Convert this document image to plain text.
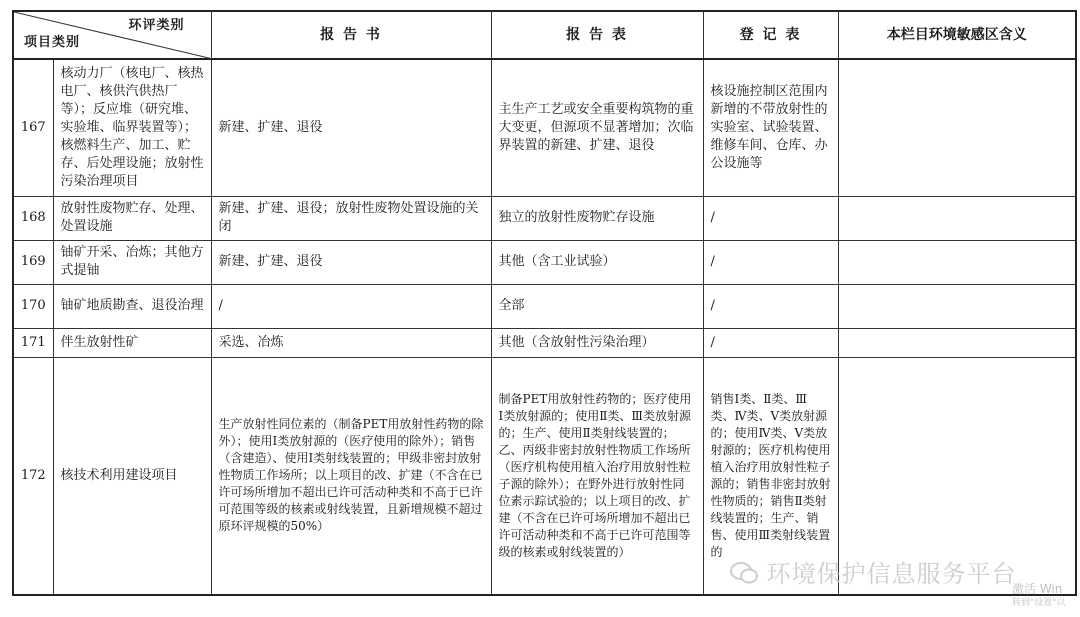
环评类别
项目类别		报 告 书	报 告 表	登 记 表	本栏目环境敏感区含义
167	核动力厂（核电厂、核热电厂、核供汽供热厂等）；反应堆（研究堆、实验堆、临界装置等）；核燃料生产、加工、贮存、后处理设施；放射性污染治理项目	新建、扩建、退役	主生产工艺或安全重要构筑物的重大变更，但源项不显著增加；次临界装置的新建、扩建、退役	核设施控制区范围内新增的不带放射性的实验室、试验装置、维修车间、仓库、办公设施等	
168	放射性废物贮存、处理、处置设施	新建、扩建、退役；放射性废物处置设施的关闭	独立的放射性废物贮存设施	/	
169	铀矿开采、冶炼；其他方式提铀	新建、扩建、退役	其他（含工业试验）	/	
170	铀矿地质勘查、退役治理	/	全部	/	
171	伴生放射性矿	采选、冶炼	其他（含放射性污染治理）	/	
172	核技术利用建设项目	生产放射性同位素的（制备PET用放射性药物的除外）；使用I类放射源的（医疗使用的除外）；销售（含建造）、使用I类射线装置的；甲级非密封放射性物质工作场所；以上项目的改、扩建（不含在已许可场所增加不超出已许可活动种类和不高于已许可范围等级的核素或射线装置，且新增规模不超过原环评规模的50%）	制备PET用放射性药物的；医疗使用Ⅰ类放射源的；使用Ⅱ类、Ⅲ类放射源的；生产、使用Ⅱ类射线装置的；乙、丙级非密封放射性物质工作场所（医疗机构使用植入治疗用放射性粒子源的除外）；在野外进行放射性同位素示踪试验的；以上项目的改、扩建（不含在已许可场所增加不超出已许可活动种类和不高于已许可范围等级的核素或射线装置的）	销售Ⅰ类、Ⅱ类、Ⅲ类、Ⅳ类、Ⅴ类放射源的；使用Ⅳ类、Ⅴ类放射源的；医疗机构使用植入治疗用放射性粒子源的；销售非密封放射性物质的；销售Ⅱ类射线装置的；生产、销售、使用Ⅲ类射线装置的	
环境保护信息服务平台
激活 Win
转到"设置"以
